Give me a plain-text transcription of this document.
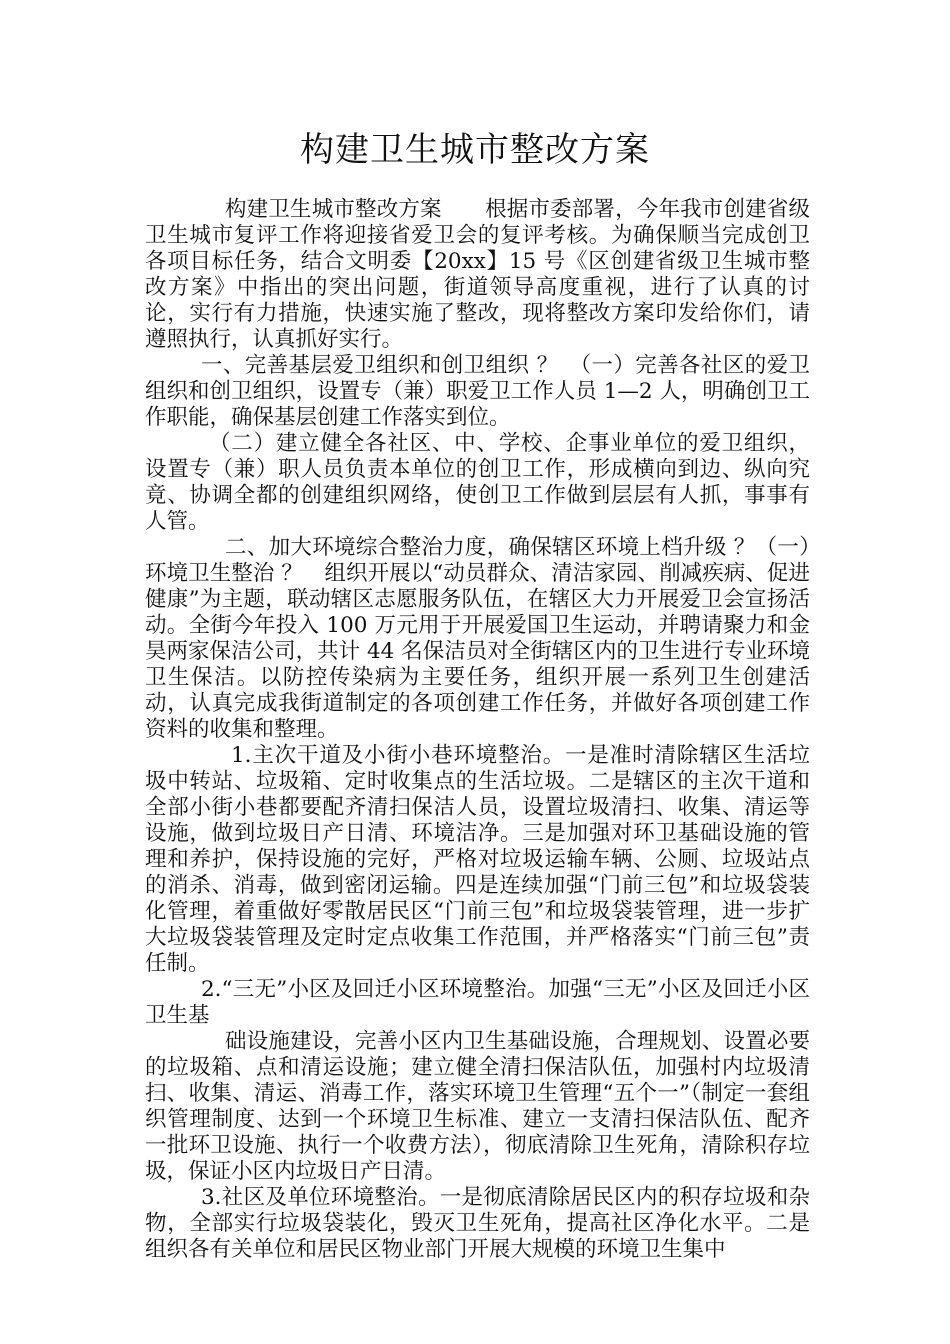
构建卫生城市整改方案

构建卫生城市整改方案　　根据市委部署，今年我市创建省级卫生城市复评工作将迎接省爱卫会的复评考核。为确保顺当完成创卫各项目标任务，结合文明委【20xx】15 号《区创建省级卫生城市整改方案》中指出的突出问题，街道领导高度重视，进行了认真的讨论，实行有力措施，快速实施了整改，现将整改方案印发给你们，请遵照执行，认真抓好实行。

一、完善基层爱卫组织和创卫组织 ？　（一）完善各社区的爱卫组织和创卫组织，设置专（兼）职爱卫工作人员 1—2 人，明确创卫工作职能，确保基层创建工作落实到位。

（二）建立健全各社区、中、学校、企事业单位的爱卫组织，设置专（兼）职人员负责本单位的创卫工作，形成横向到边、纵向究竟、协调全都的创建组织网络，使创卫工作做到层层有人抓，事事有人管。

二、加大环境综合整治力度，确保辖区环境上档升级 ？（一）环境卫生整治 ？　组织开展以“动员群众、清洁家园、削减疾病、促进健康”为主题，联动辖区志愿服务队伍，在辖区大力开展爱卫会宣扬活动。全街今年投入 100 万元用于开展爱国卫生运动，并聘请聚力和金昊两家保洁公司，共计 44 名保洁员对全街辖区内的卫生进行专业环境卫生保洁。以防控传染病为主要任务，组织开展一系列卫生创建活动，认真完成我街道制定的各项创建工作任务，并做好各项创建工作资料的收集和整理。

1.主次干道及小街小巷环境整治。一是准时清除辖区生活垃圾中转站、垃圾箱、定时收集点的生活垃圾。二是辖区的主次干道和全部小街小巷都要配齐清扫保洁人员，设置垃圾清扫、收集、清运等设施，做到垃圾日产日清、环境洁净。三是加强对环卫基础设施的管理和养护，保持设施的完好，严格对垃圾运输车辆、公厕、垃圾站点的消杀、消毒，做到密闭运输。四是连续加强“门前三包”和垃圾袋装化管理，着重做好零散居民区“门前三包”和垃圾袋装管理，进一步扩大垃圾袋装管理及定时定点收集工作范围，并严格落实“门前三包”责任制。

2.“三无”小区及回迁小区环境整治。加强“三无”小区及回迁小区卫生基

础设施建设，完善小区内卫生基础设施，合理规划、设置必要的垃圾箱、点和清运设施；建立健全清扫保洁队伍，加强村内垃圾清扫、收集、清运、消毒工作，落实环境卫生管理“五个一”（制定一套组织管理制度、达到一个环境卫生标准、建立一支清扫保洁队伍、配齐一批环卫设施、执行一个收费方法），彻底清除卫生死角，清除积存垃圾，保证小区内垃圾日产日清。

3.社区及单位环境整治。一是彻底清除居民区内的积存垃圾和杂物，全部实行垃圾袋装化，毁灭卫生死角，提高社区净化水平。二是组织各有关单位和居民区物业部门开展大规模的环境卫生集中
